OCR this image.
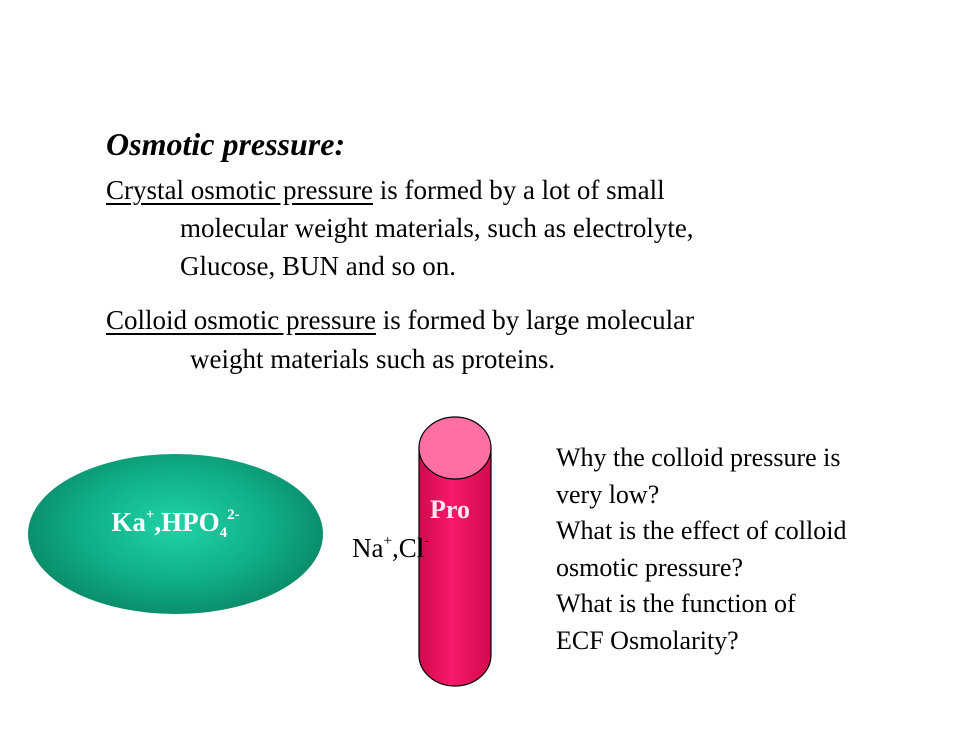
Osmotic pressure:
Crystal osmotic pressure is formed by a lot of small
molecular weight materials, such as electrolyte,
Glucose, BUN and so on.
Colloid osmotic pressure is formed by large molecular
weight materials such as proteins.
$Ka^+,HPO_4^{2-}$	Pro
Na+,Cl-
Why the colloid pressure is
very low?
What is the effect of colloid
osmotic pressure?
What is the function of
ECF Osmolarity?
